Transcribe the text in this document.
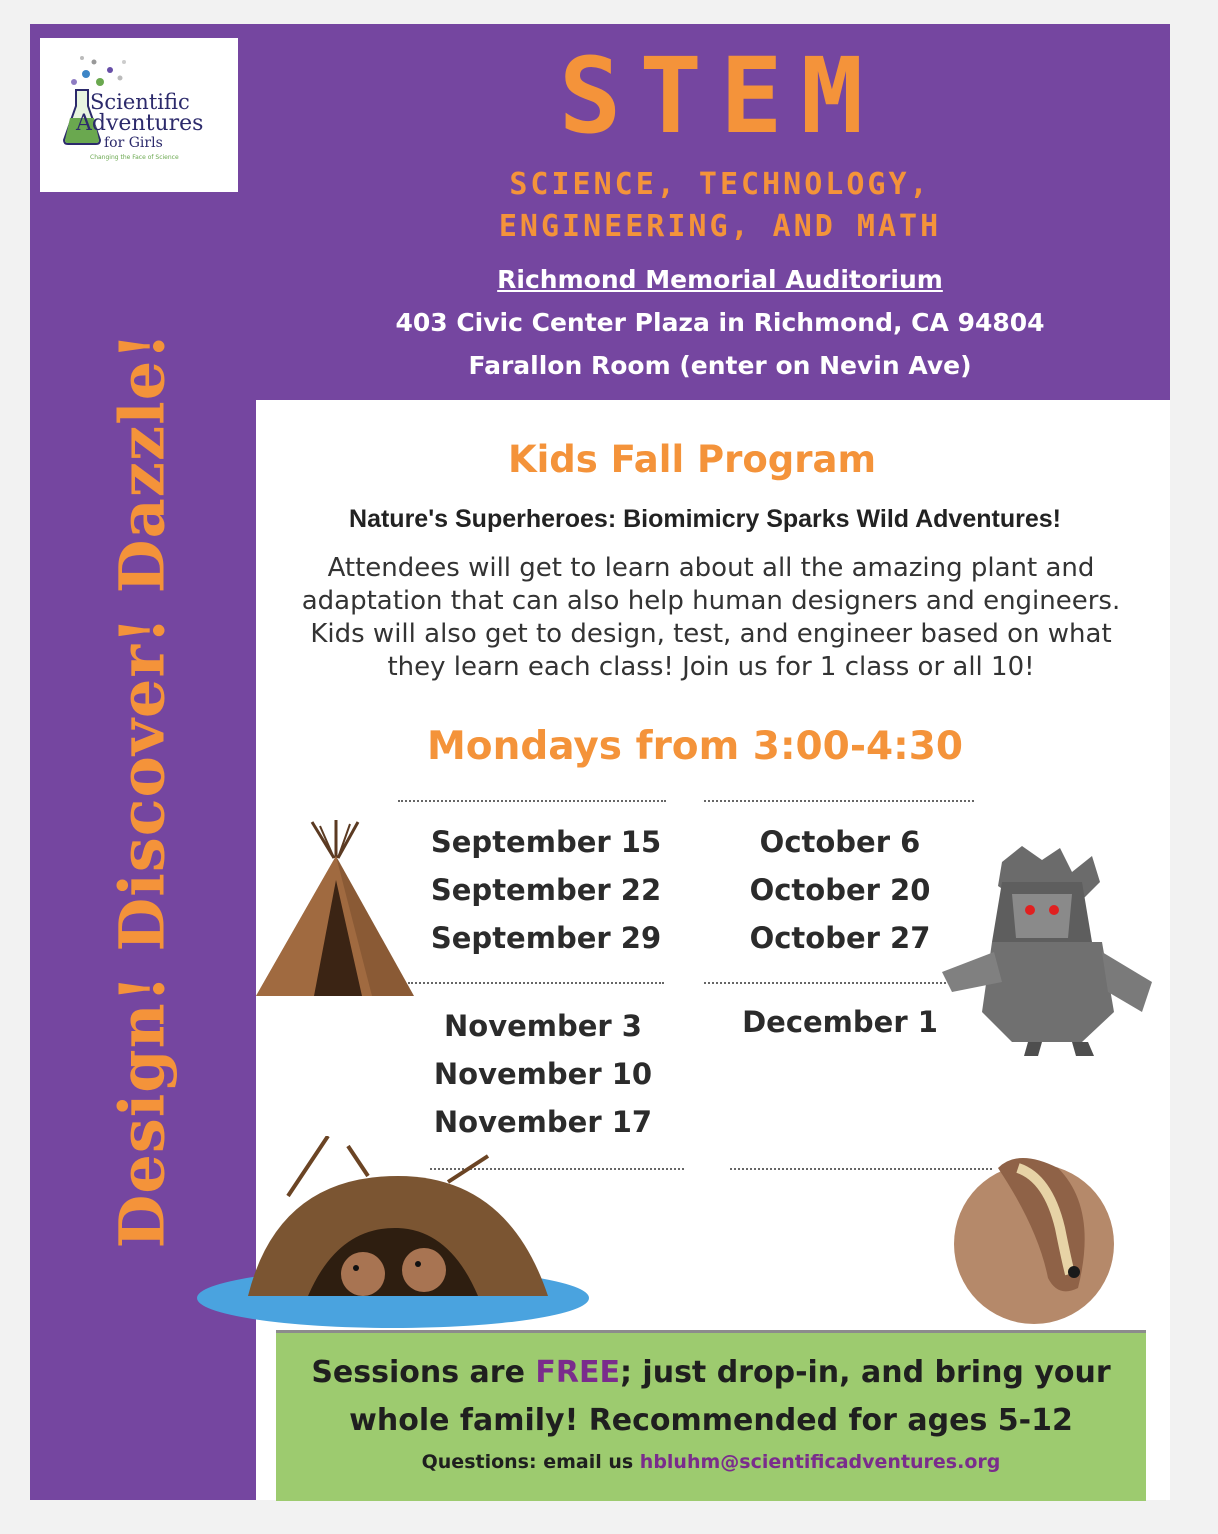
Scientific
Adventures
for Girls
Changing the Face of Science
STEM
SCIENCE, TECHNOLOGY,
ENGINEERING, AND MATH
Richmond Memorial Auditorium
403 Civic Center Plaza in Richmond, CA 94804
Farallon Room (enter on Nevin Ave)
Design! Discover! Dazzle!	Kids Fall Program
Nature's Superheroes: Biomimicry Sparks Wild Adventures!
Attendees will get to learn about all the amazing plant and
adaptation that can also help human designers and engineers.
Kids will also get to design, test, and engineer based on what
they learn each class! Join us for 1 class or all 10!
Mondays from 3:00-4:30
September 15
September 22
September 29
October 6
October 20
October 27
November 3
November 10
November 17
December 1
Sessions are FREE; just drop-in, and bring your
whole family! Recommended for ages 5-12
Questions: email us hbluhm@scientificadventures.org
